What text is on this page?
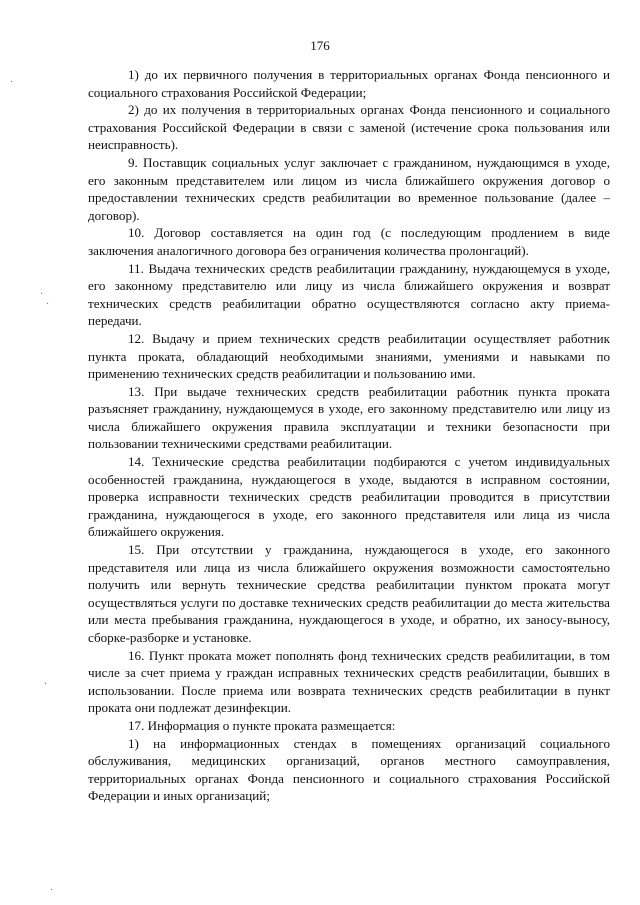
176

1) до их первичного получения в территориальных органах Фонда пенсионного и социального страхования Российской Федерации;

2) до их получения в территориальных органах Фонда пенсионного и социального страхования Российской Федерации в связи с заменой (истечение срока пользования или неисправность).

9. Поставщик социальных услуг заключает с гражданином, нуждающимся в уходе, его законным представителем или лицом из числа ближайшего окружения договор о предоставлении технических средств реабилитации во временное пользование (далее – договор).

10. Договор составляется на один год (с последующим продлением в виде заключения аналогичного договора без ограничения количества пролонгаций).

11. Выдача технических средств реабилитации гражданину, нуждающемуся в уходе, его законному представителю или лицу из числа ближайшего окружения и возврат технических средств реабилитации обратно осуществляются согласно акту приема-передачи.

12. Выдачу и прием технических средств реабилитации осуществляет работник пункта проката, обладающий необходимыми знаниями, умениями и навыками по применению технических средств реабилитации и пользованию ими.

13. При выдаче технических средств реабилитации работник пункта проката разъясняет гражданину, нуждающемуся в уходе, его законному представителю или лицу из числа ближайшего окружения правила эксплуатации и техники безопасности при пользовании техническими средствами реабилитации.

14. Технические средства реабилитации подбираются с учетом индивидуальных особенностей гражданина, нуждающегося в уходе, выдаются в исправном состоянии, проверка исправности технических средств реабилитации проводится в присутствии гражданина, нуждающегося в уходе, его законного представителя или лица из числа ближайшего окружения.

15. При отсутствии у гражданина, нуждающегося в уходе, его законного представителя или лица из числа ближайшего окружения возможности самостоятельно получить или вернуть технические средства реабилитации пунктом проката могут осуществляться услуги по доставке технических средств реабилитации до места жительства или места пребывания гражданина, нуждающегося в уходе, и обратно, их заносу-выносу, сборке-разборке и установке.

16. Пункт проката может пополнять фонд технических средств реабилитации, в том числе за счет приема у граждан исправных технических средств реабилитации, бывших в использовании. После приема или возврата технических средств реабилитации в пункт проката они подлежат дезинфекции.

17. Информация о пункте проката размещается:

1) на информационных стендах в помещениях организаций социального обслуживания, медицинских организаций, органов местного самоуправления, территориальных органах Фонда пенсионного и социального страхования Российской Федерации и иных организаций;

·
·
·
·
·
